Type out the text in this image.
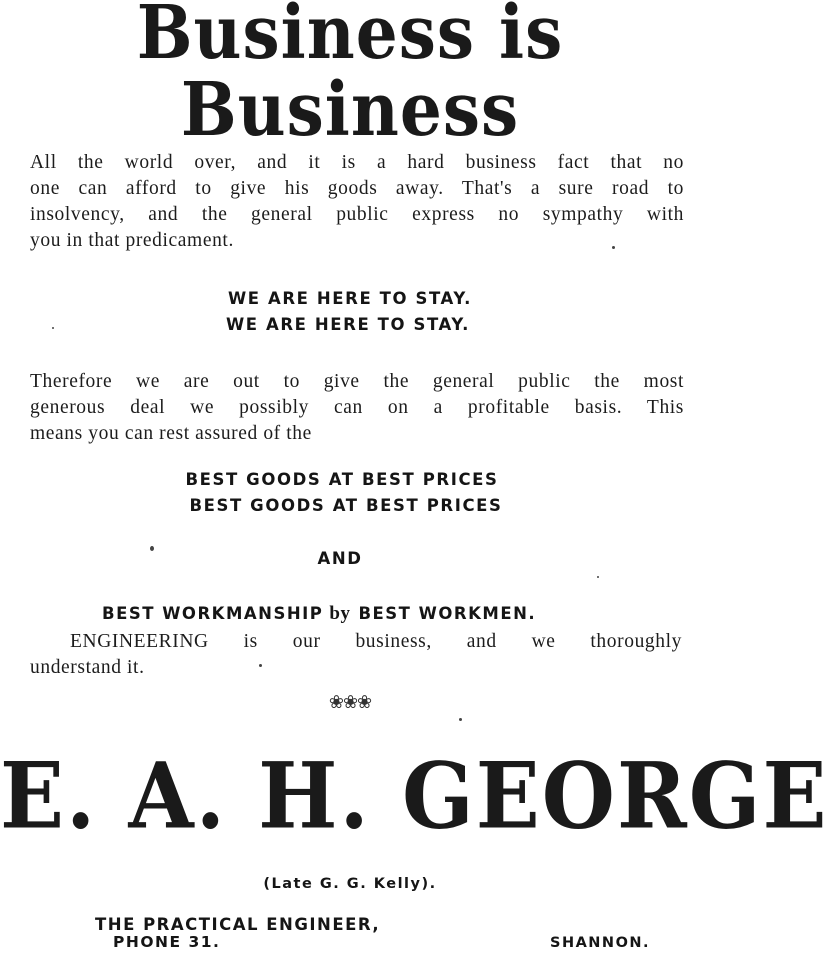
Business is Business
All the world over, and it is a hard business fact that no
one can afford to give his goods away. That's a sure road to
insolvency, and the general public express no sympathy with
you in that predicament.
WE ARE HERE TO STAY.
WE ARE HERE TO STAY.
Therefore we are out to give the general public the most
generous deal we possibly can on a profitable basis. This
means you can rest assured of the
BEST GOODS AT BEST PRICES
BEST GOODS AT BEST PRICES
AND
BEST WORKMANSHIP by BEST WORKMEN.
ENGINEERING is our business, and we thoroughly
understand it.
❀❀❀
E. A. H. GEORGE
(Late G. G. Kelly).
THE PRACTICAL ENGINEER,
PHONE 31.	SHANNON.
